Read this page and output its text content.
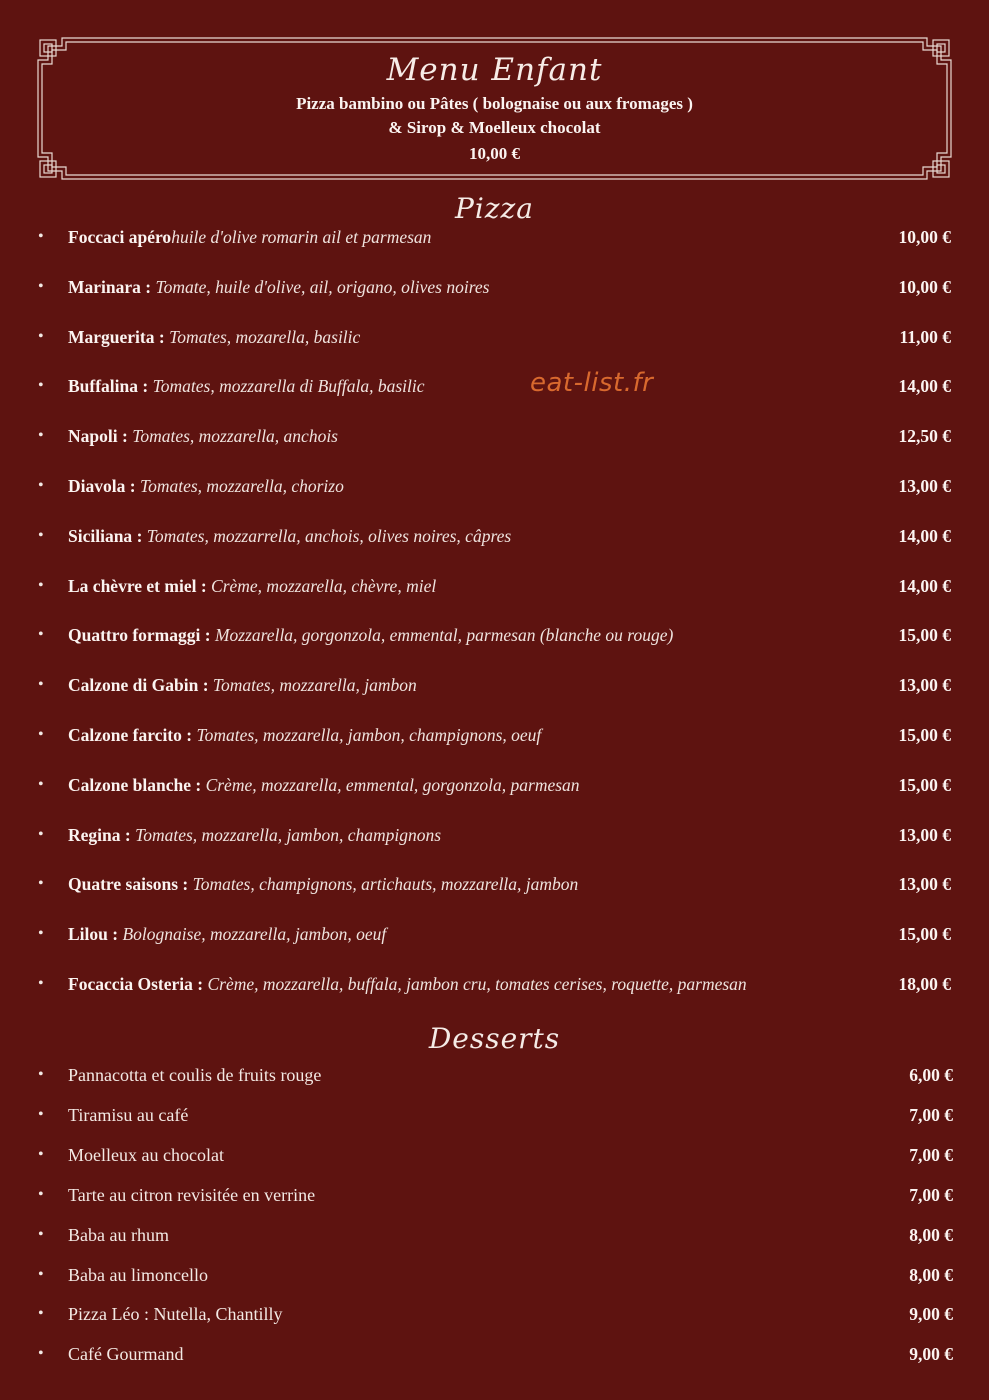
Menu Enfant
Pizza bambino ou Pâtes ( bolognaise ou aux fromages )
& Sirop & Moelleux chocolat
10,00 €
Pizza
• Foccaci apérohuile d'olive romarin ail et parmesan	10,00 €
• Marinara : Tomate, huile d'olive, ail, origano, olives noires	10,00 €
• Marguerita : Tomates, mozarella, basilic	11,00 €
• Buffalina : Tomates, mozzarella di Buffala, basilic	14,00 €
• Napoli : Tomates, mozzarella, anchois	12,50 €
• Diavola : Tomates, mozzarella, chorizo	13,00 €
• Siciliana : Tomates, mozzarrella, anchois, olives noires, câpres	14,00 €
• La chèvre et miel : Crème, mozzarella, chèvre, miel	14,00 €
• Quattro formaggi : Mozzarella, gorgonzola, emmental, parmesan (blanche ou rouge)	15,00 €
• Calzone di Gabin : Tomates, mozzarella, jambon	13,00 €
• Calzone farcito : Tomates, mozzarella, jambon, champignons, oeuf	15,00 €
• Calzone blanche : Crème, mozzarella, emmental, gorgonzola, parmesan	15,00 €
• Regina : Tomates, mozzarella, jambon, champignons	13,00 €
• Quatre saisons : Tomates, champignons, artichauts, mozzarella, jambon	13,00 €
• Lilou : Bolognaise, mozzarella, jambon, oeuf	15,00 €
• Focaccia Osteria : Crème, mozzarella, buffala, jambon cru, tomates cerises, roquette, parmesan	18,00 €
eat-list.fr
Desserts
• Pannacotta et coulis de fruits rouge	6,00 €
• Tiramisu au café	7,00 €
• Moelleux au chocolat	7,00 €
• Tarte au citron revisitée en verrine	7,00 €
• Baba au rhum	8,00 €
• Baba au limoncello	8,00 €
• Pizza Léo : Nutella, Chantilly	9,00 €
• Café Gourmand	9,00 €
